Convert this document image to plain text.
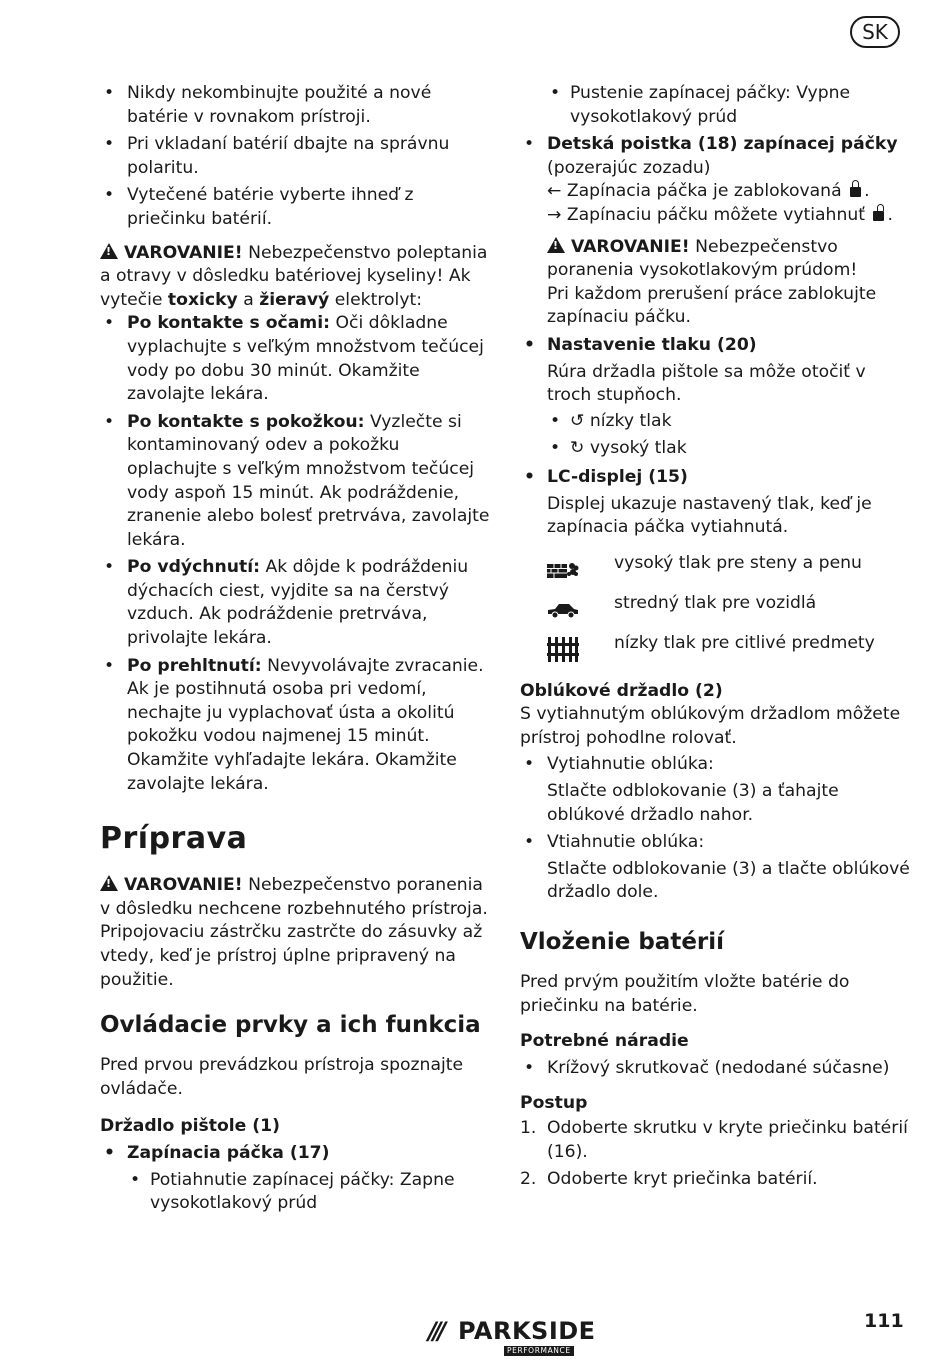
SK

• Nikdy nekombinujte použité a nové batérie v rovnakom prístroji.

• Pri vkladaní batérií dbajte na správnu polaritu.

• Vytečené batérie vyberte ihneď z priečinku batérií.

!VAROVANIE! Nebezpečenstvo poleptania a otravy v dôsledku batériovej kyseliny! Ak vytečie toxicky a žieravý elektrolyt:

• Po kontakte s očami: Oči dôkladne vyplachujte s veľkým množstvom tečúcej vody po dobu 30 minút. Okamžite zavolajte lekára.

• Po kontakte s pokožkou: Vyzlečte si kontaminovaný odev a pokožku oplachujte s veľkým množstvom tečúcej vody aspoň 15 minút. Ak podráždenie, zranenie alebo bolesť pretrváva, zavolajte lekára.

• Po vdýchnutí: Ak dôjde k podráždeniu dýchacích ciest, vyjdite sa na čerstvý vzduch. Ak podráždenie pretrváva, privolajte lekára.

• Po prehltnutí: Nevyvolávajte zvracanie. Ak je postihnutá osoba pri vedomí, nechajte ju vyplachovať ústa a okolitú pokožku vodou najmenej 15 minút. Okamžite vyhľadajte lekára. Okamžite zavolajte lekára.

Príprava

!VAROVANIE! Nebezpečenstvo poranenia v dôsledku nechcene rozbehnutého prístroja. Pripojovaciu zástrčku zastrčte do zásuvky až vtedy, keď je prístroj úplne pripravený na použitie.

Ovládacie prvky a ich funkcia

Pred prvou prevádzkou prístroja spoznajte ovládače.

Držadlo pištole (1)

• Zapínacia páčka (17)

• Potiahnutie zapínacej páčky: Zapne vysokotlakový prúd

• Pustenie zapínacej páčky: Vypne vysokotlakový prúd

• Detská poistka (18) zapínacej páčky (pozerajúc zozadu)

← Zapínacia páčka je zablokovaná .

→ Zapínaciu páčku môžete vytiahnuť .

!VAROVANIE! Nebezpečenstvo poranenia vysokotlakovým prúdom!

Pri každom prerušení práce zablokujte zapínaciu páčku.

• Nastavenie tlaku (20)

Rúra držadla pištole sa môže otočiť v troch stupňoch.

• ↺ nízky tlak

• ↻ vysoký tlak

• LC-displej (15)

Displej ukazuje nastavený tlak, keď je zapínacia páčka vytiahnutá.

vysoký tlak pre steny a penu
stredný tlak pre vozidlá
nízky tlak pre citlivé predmety

Oblúkové držadlo (2)

S vytiahnutým oblúkovým držadlom môžete prístroj pohodlne rolovať.

• Vytiahnutie oblúka:

Stlačte odblokovanie (3) a ťahajte oblúkové držadlo nahor.

• Vtiahnutie oblúka:

Stlačte odblokovanie (3) a tlačte oblúkové držadlo dole.

Vloženie batérií

Pred prvým použitím vložte batérie do priečinku na batérie.

Potrebné náradie

• Krížový skrutkovač (nedodané súčasne)

Postup

1. Odoberte skrutku v kryte priečinku batérií (16).

2. Odoberte kryt priečinka batérií.

/// PARKSIDE
PERFORMANCE
111
